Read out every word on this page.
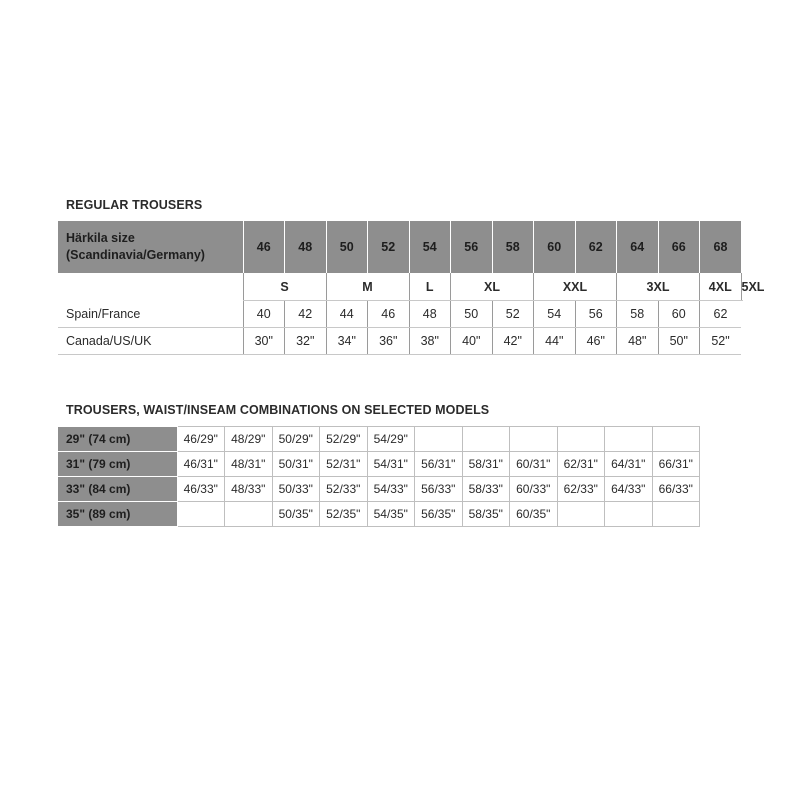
REGULAR TROUSERS
Härkila size
(Scandinavia/Germany)	46	48	50	52	54	56	58	60	62	64	66	68	
	S		M		L	XL		XXL		3XL		4XL	5XL
Spain/France	40	42	44	46	48	50	52	54	56	58	60	62	
Canada/US/UK	30"	32"	34"	36"	38"	40"	42"	44"	46"	48"	50"	52"	
TROUSERS, WAIST/INSEAM COMBINATIONS ON SELECTED MODELS
29" (74 cm)	46/29"	48/29"	50/29"	52/29"	54/29"						
31" (79 cm)	46/31"	48/31"	50/31"	52/31"	54/31"	56/31"	58/31"	60/31"	62/31"	64/31"	66/31"
33" (84 cm)	46/33"	48/33"	50/33"	52/33"	54/33"	56/33"	58/33"	60/33"	62/33"	64/33"	66/33"
35" (89 cm)			50/35"	52/35"	54/35"	56/35"	58/35"	60/35"			
